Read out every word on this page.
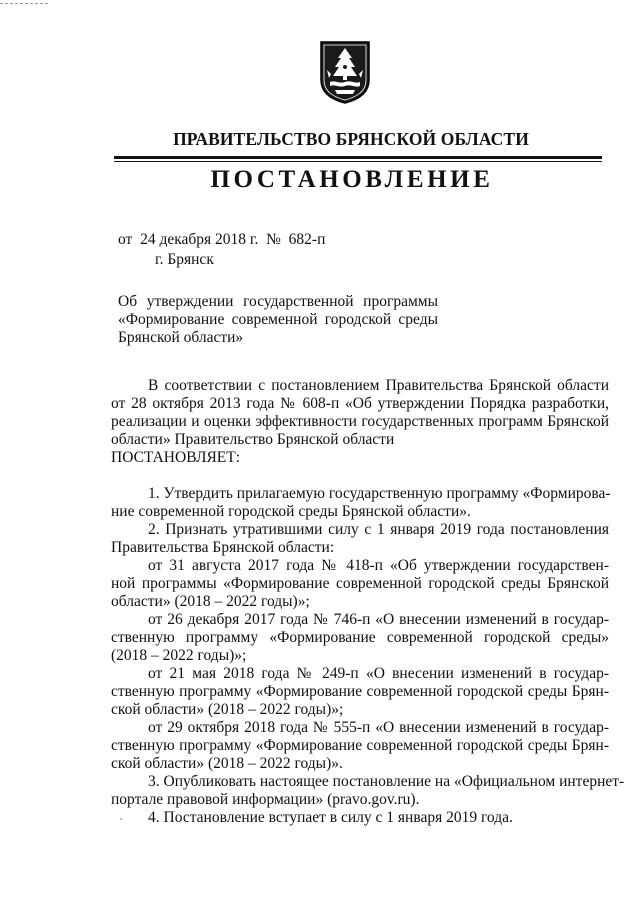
ПРАВИТЕЛЬСТВО БРЯНСКОЙ ОБЛАСТИ
ПОСТАНОВЛЕНИЕ
от  24 декабря 2018 г.  №  682-п
г. Брянск
Об утверждении государственной программы
«Формирование современной городской среды
Брянской области»
В соответствии с постановлением Правительства Брянской области
от 28 октября 2013 года № 608-п «Об утверждении Порядка разработки,
реализации и оценки эффективности государственных программ Брянской
области» Правительство Брянской области
ПОСТАНОВЛЯЕТ:
1. Утвердить прилагаемую государственную программу «Формирова-
ние современной городской среды Брянской области».
2. Признать утратившими силу с 1 января 2019 года постановления
Правительства Брянской области:
от 31 августа 2017 года № 418-п «Об утверждении государствен-
ной программы «Формирование современной городской среды Брянской
области» (2018 – 2022 годы)»;
от 26 декабря 2017 года № 746-п «О внесении изменений в государ-
ственную программу «Формирование современной городской среды»
(2018 – 2022 годы)»;
от 21 мая 2018 года № 249-п «О внесении изменений в государ-
ственную программу «Формирование современной городской среды Брян-
ской области» (2018 – 2022 годы)»;
от 29 октября 2018 года № 555-п «О внесении изменений в государ-
ственную программу «Формирование современной городской среды Брян-
ской области» (2018 – 2022 годы)».
3. Опубликовать настоящее постановление на «Официальном интернет-
портале правовой информации» (pravo.gov.ru).
4. Постановление вступает в силу с 1 января 2019 года.
